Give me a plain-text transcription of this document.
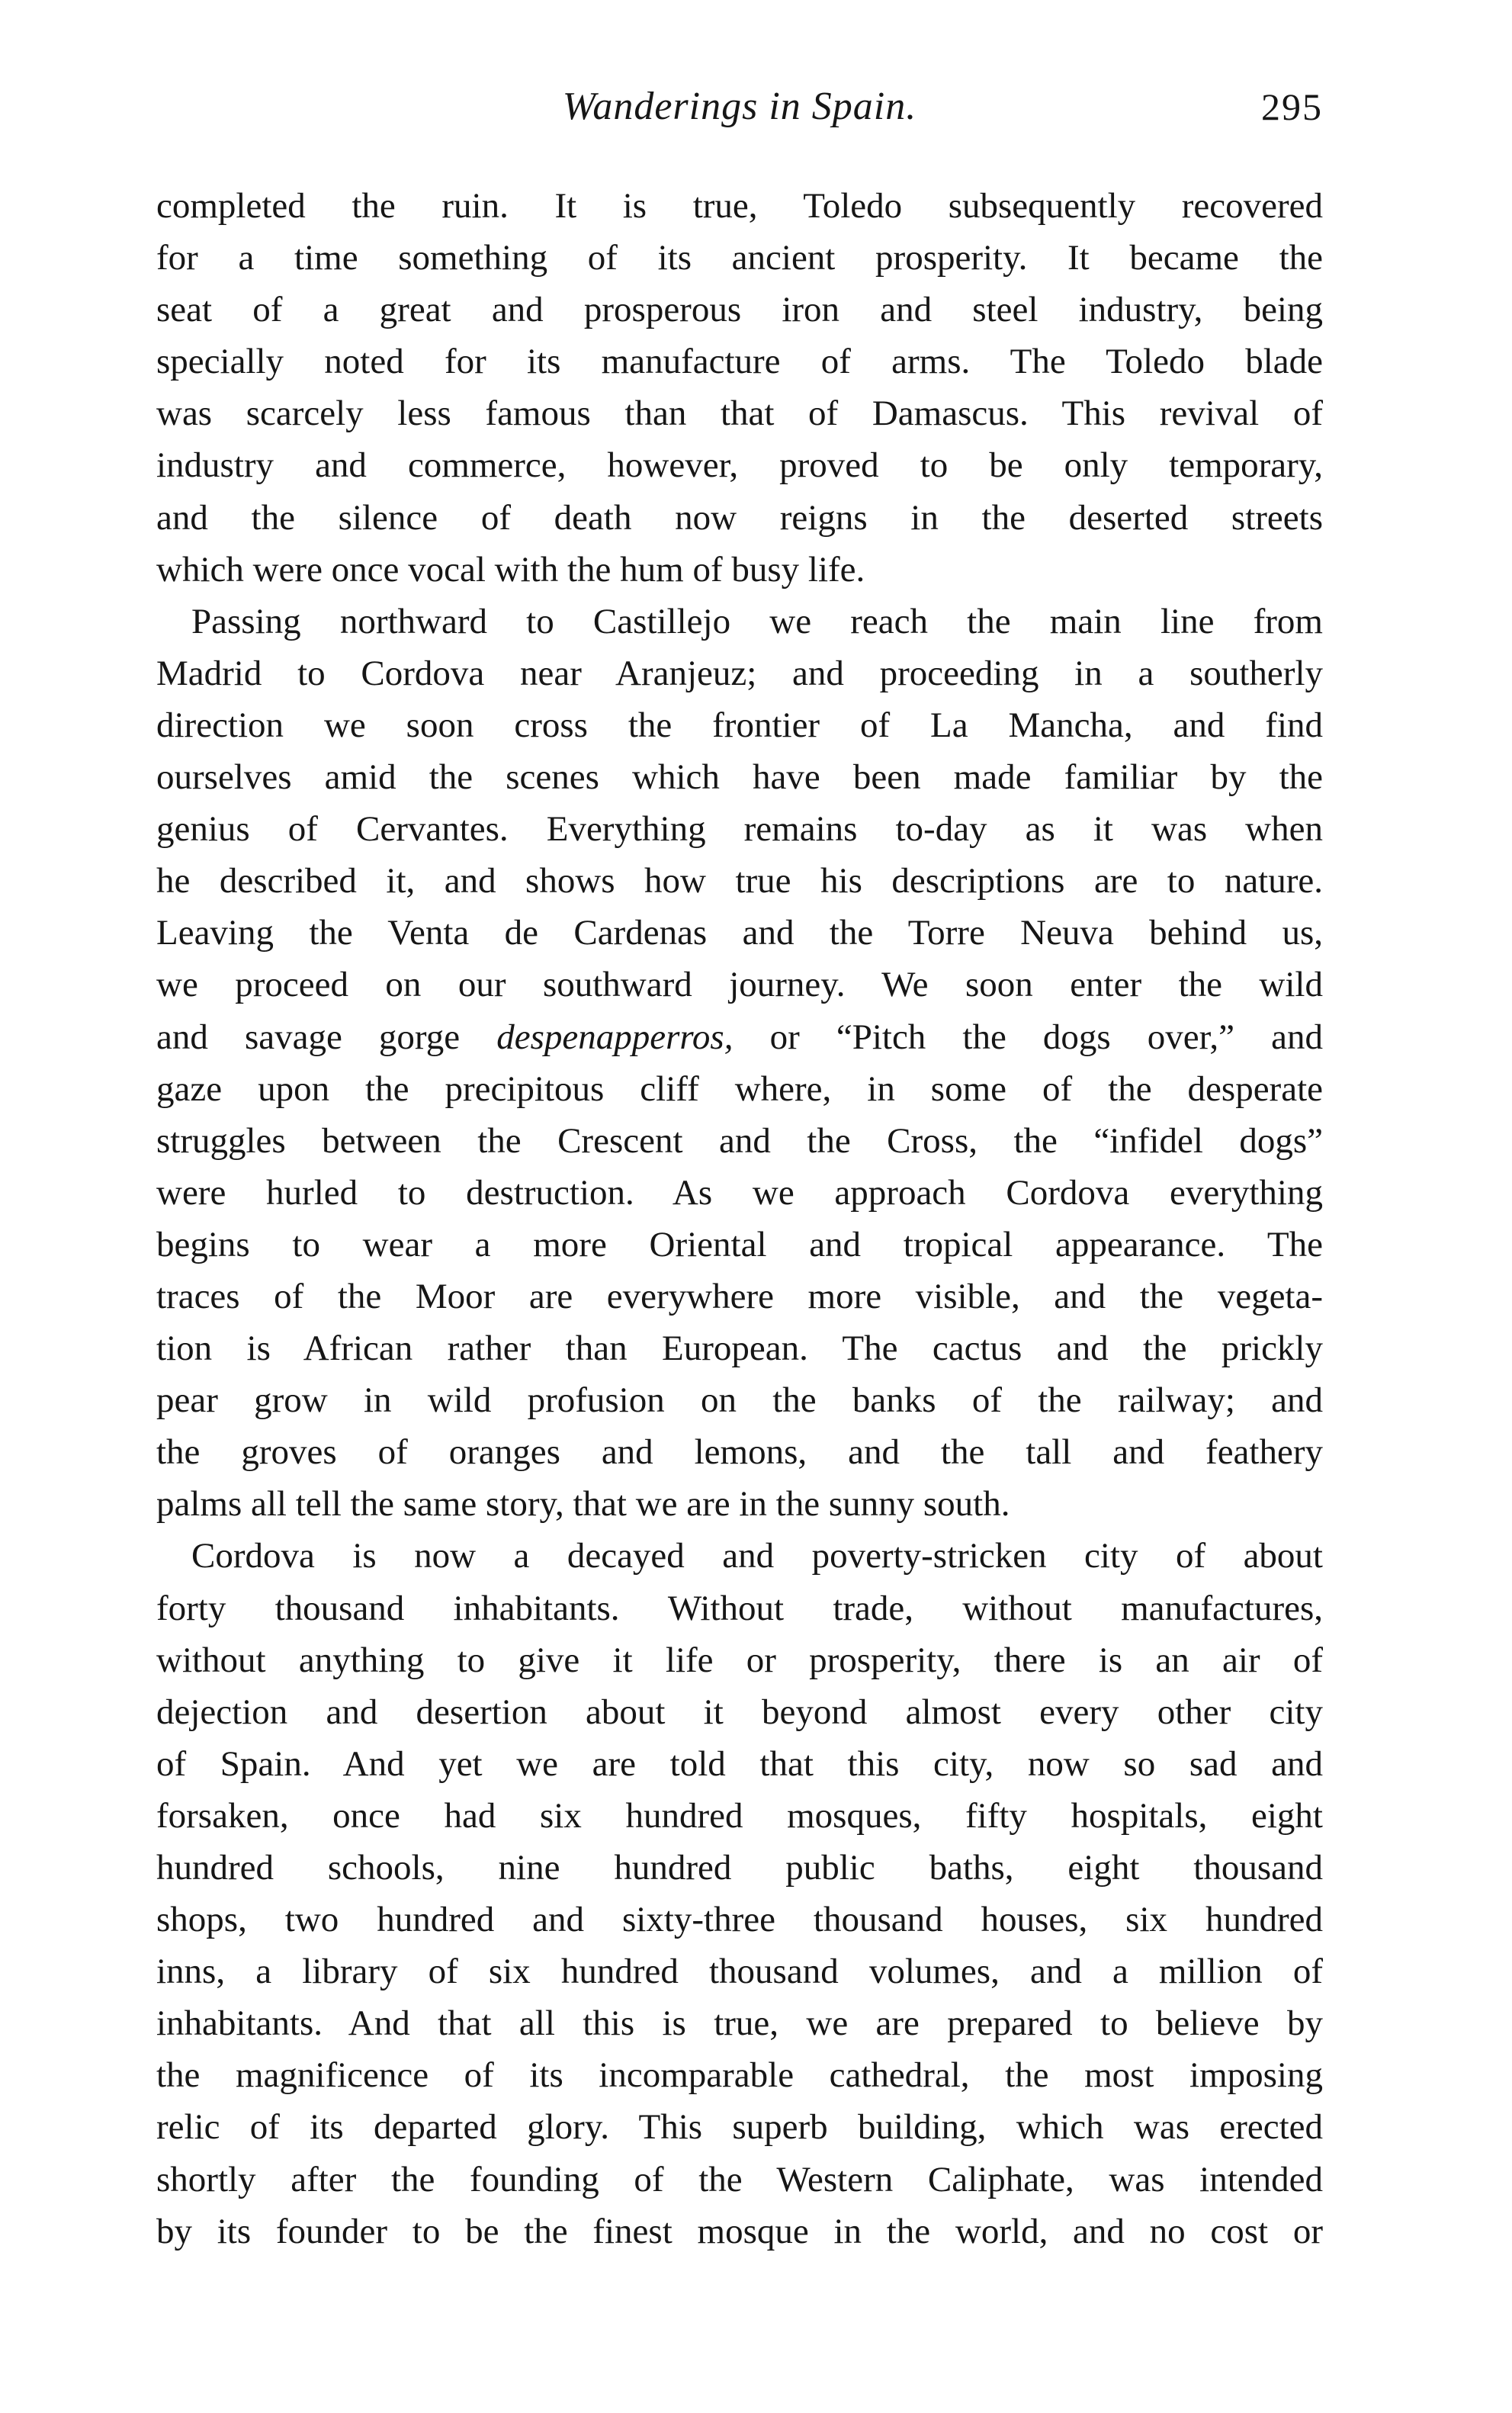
Wanderings in Spain.	295

completed the ruin. It is true, Toledo subsequently recovered
for a time something of its ancient prosperity. It became the
seat of a great and prosperous iron and steel industry, being
specially noted for its manufacture of arms. The Toledo blade
was scarcely less famous than that of Damascus. This revival of
industry and commerce, however, proved to be only temporary,
and the silence of death now reigns in the deserted streets
which were once vocal with the hum of busy life.

Passing northward to Castillejo we reach the main line from
Madrid to Cordova near Aranjeuz; and proceeding in a southerly
direction we soon cross the frontier of La Mancha, and find
ourselves amid the scenes which have been made familiar by the
genius of Cervantes. Everything remains to-day as it was when
he described it, and shows how true his descriptions are to nature.
Leaving the Venta de Cardenas and the Torre Neuva behind us,
we proceed on our southward journey. We soon enter the wild
and savage gorge despenapperros, or “Pitch the dogs over,” and
gaze upon the precipitous cliff where, in some of the desperate
struggles between the Crescent and the Cross, the “infidel dogs”
were hurled to destruction. As we approach Cordova everything
begins to wear a more Oriental and tropical appearance. The
traces of the Moor are everywhere more visible, and the vegeta-
tion is African rather than European. The cactus and the prickly
pear grow in wild profusion on the banks of the railway; and
the groves of oranges and lemons, and the tall and feathery
palms all tell the same story, that we are in the sunny south.

Cordova is now a decayed and poverty-stricken city of about
forty thousand inhabitants. Without trade, without manufactures,
without anything to give it life or prosperity, there is an air of
dejection and desertion about it beyond almost every other city
of Spain. And yet we are told that this city, now so sad and
forsaken, once had six hundred mosques, fifty hospitals, eight
hundred schools, nine hundred public baths, eight thousand
shops, two hundred and sixty-three thousand houses, six hundred
inns, a library of six hundred thousand volumes, and a million of
inhabitants. And that all this is true, we are prepared to believe by
the magnificence of its incomparable cathedral, the most imposing
relic of its departed glory. This superb building, which was erected
shortly after the founding of the Western Caliphate, was intended
by its founder to be the finest mosque in the world, and no cost or
